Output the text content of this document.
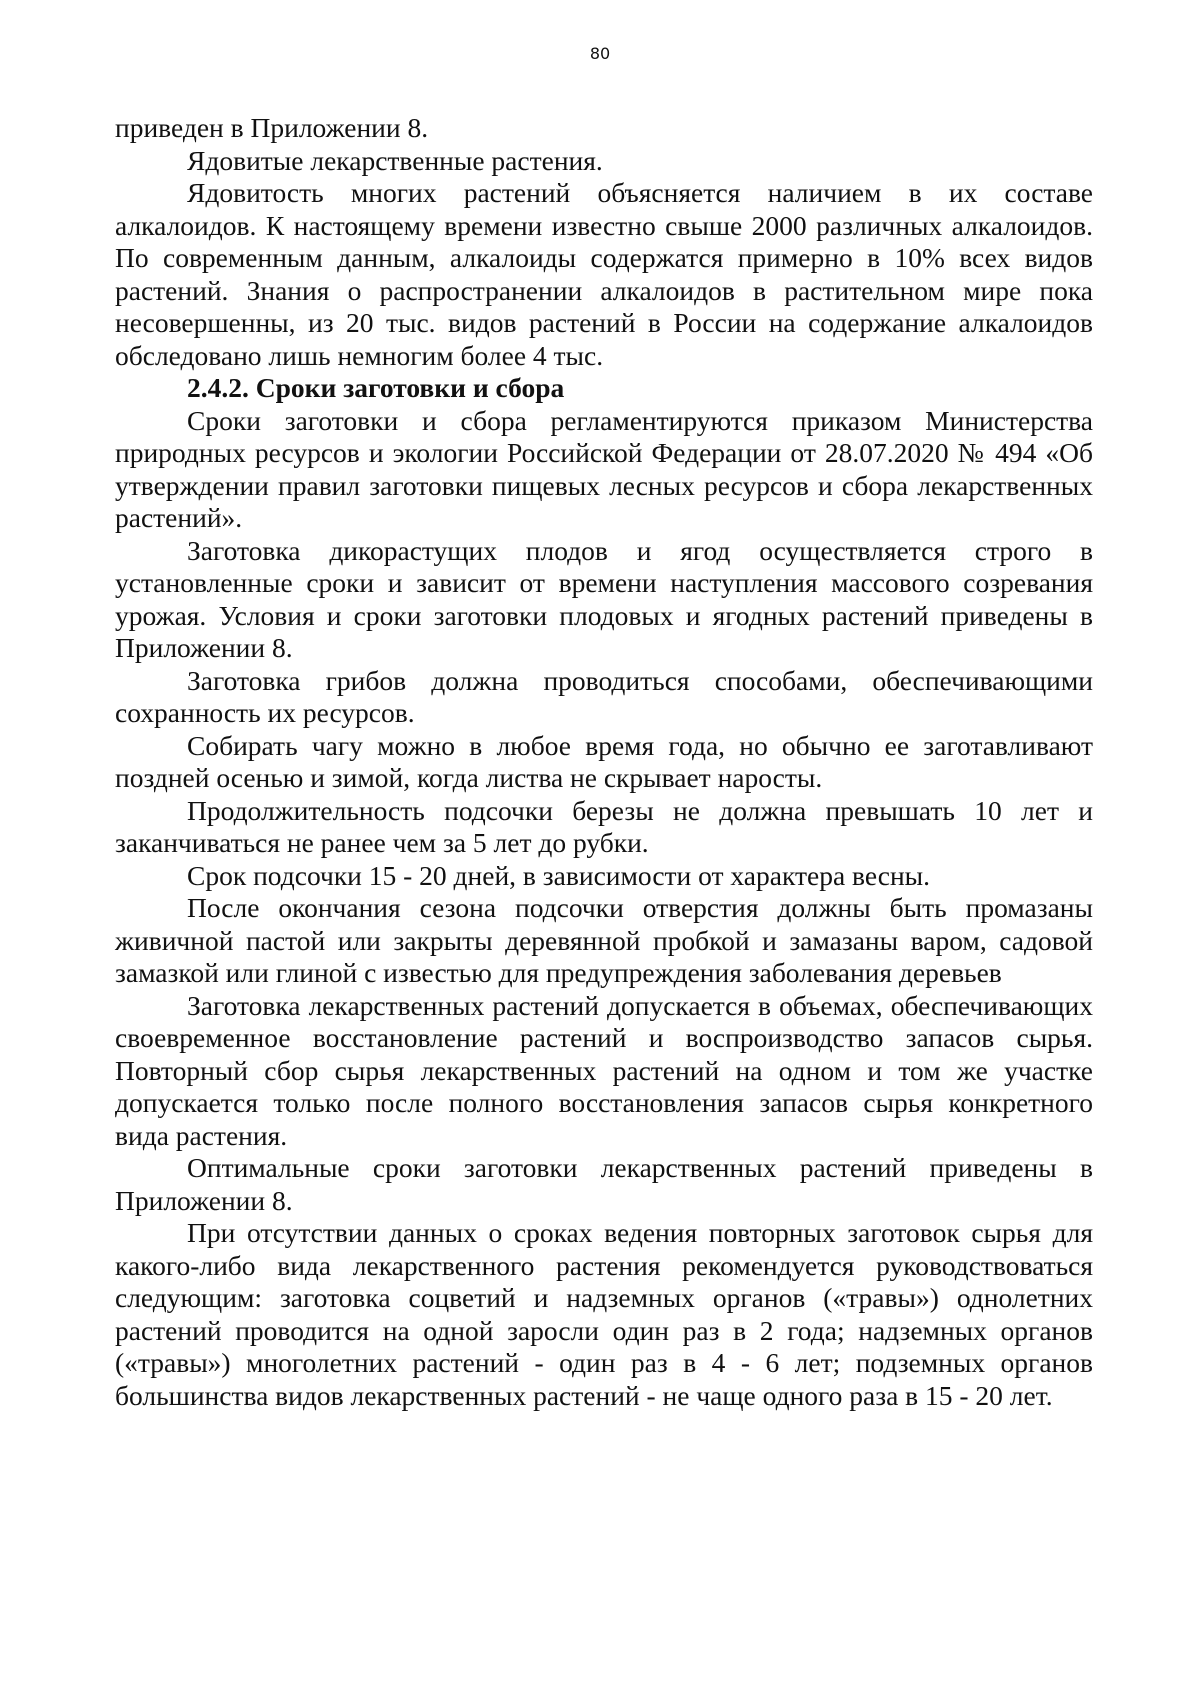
80

приведен в Приложении 8.

Ядовитые лекарственные растения.

Ядовитость многих растений объясняется наличием в их составе алкалоидов. К настоящему времени известно свыше 2000 различных алкалоидов. По современным данным, алкалоиды содержатся примерно в 10% всех видов растений. Знания о распространении алкалоидов в растительном мире пока несовершенны, из 20 тыс. видов растений в России на содержание алкалоидов обследовано лишь немногим более 4 тыс.

2.4.2. Сроки заготовки и сбора

Сроки заготовки и сбора регламентируются приказом Министерства природных ресурсов и экологии Российской Федерации от 28.07.2020 № 494 «Об утверждении правил заготовки пищевых лесных ресурсов и сбора лекарственных растений».

Заготовка дикорастущих плодов и ягод осуществляется строго в установленные сроки и зависит от времени наступления массового созревания урожая. Условия и сроки заготовки плодовых и ягодных растений приведены в Приложении 8.

Заготовка грибов должна проводиться способами, обеспечивающими сохранность их ресурсов.

Собирать чагу можно в любое время года, но обычно ее заготавливают поздней осенью и зимой, когда листва не скрывает наросты.

Продолжительность подсочки березы не должна превышать 10 лет и заканчиваться не ранее чем за 5 лет до рубки.

Срок подсочки 15 - 20 дней, в зависимости от характера весны.

После окончания сезона подсочки отверстия должны быть промазаны живичной пастой или закрыты деревянной пробкой и замазаны варом, садовой замазкой или глиной с известью для предупреждения заболевания деревьев

Заготовка лекарственных растений допускается в объемах, обеспечивающих своевременное восстановление растений и воспроизводство запасов сырья. Повторный сбор сырья лекарственных растений на одном и том же участке допускается только после полного восстановления запасов сырья конкретного вида растения.

Оптимальные сроки заготовки лекарственных растений приведены в Приложении 8.

При отсутствии данных о сроках ведения повторных заготовок сырья для какого-либо вида лекарственного растения рекомендуется руководствоваться следующим: заготовка соцветий и надземных органов («травы») однолетних растений проводится на одной заросли один раз в 2 года; надземных органов («травы») многолетних растений - один раз в 4 - 6 лет; подземных органов большинства видов лекарственных растений - не чаще одного раза в 15 - 20 лет.
